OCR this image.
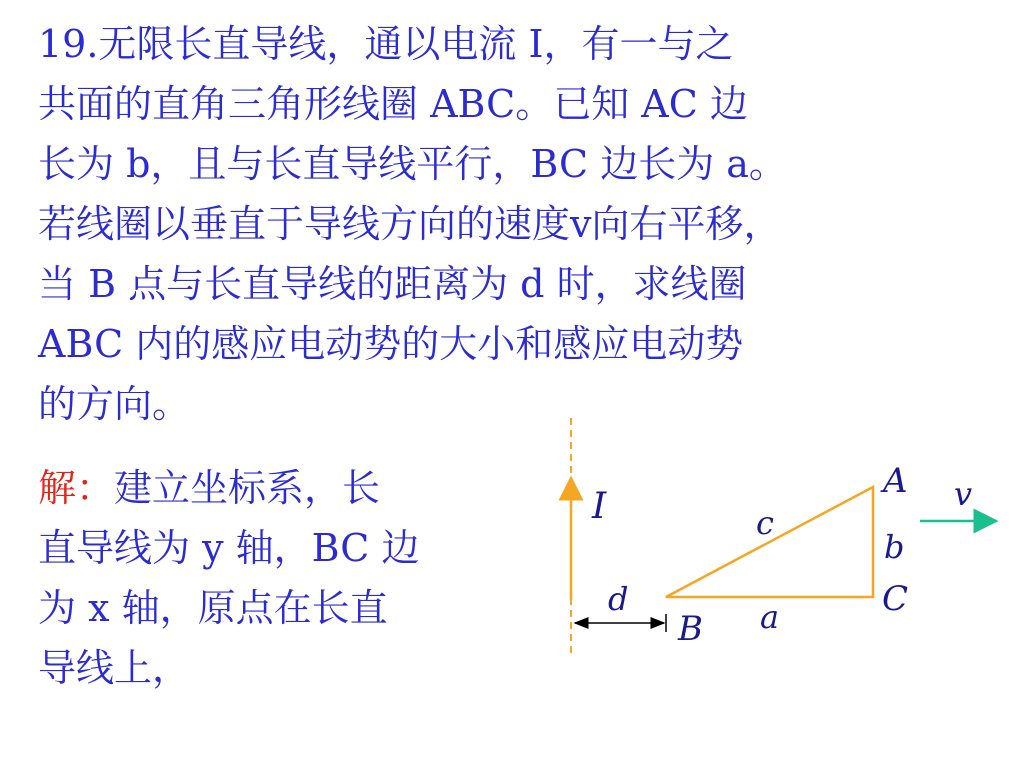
19.无限长直导线，通以电流 I，有一与之
共面的直角三角形线圈 ABC。已知 AC 边
长为 b，且与长直导线平行，BC 边长为 a。
若线圈以垂直于导线方向的速度v向右平移，
当 B 点与长直导线的距离为 d 时，求线圈
ABC 内的感应电动势的大小和感应电动势
的方向。
解：建立坐标系，长
直导线为 y 轴，BC 边
为 x 轴，原点在长直
导线上，
I
A
B
C
a
b
c
d
v
